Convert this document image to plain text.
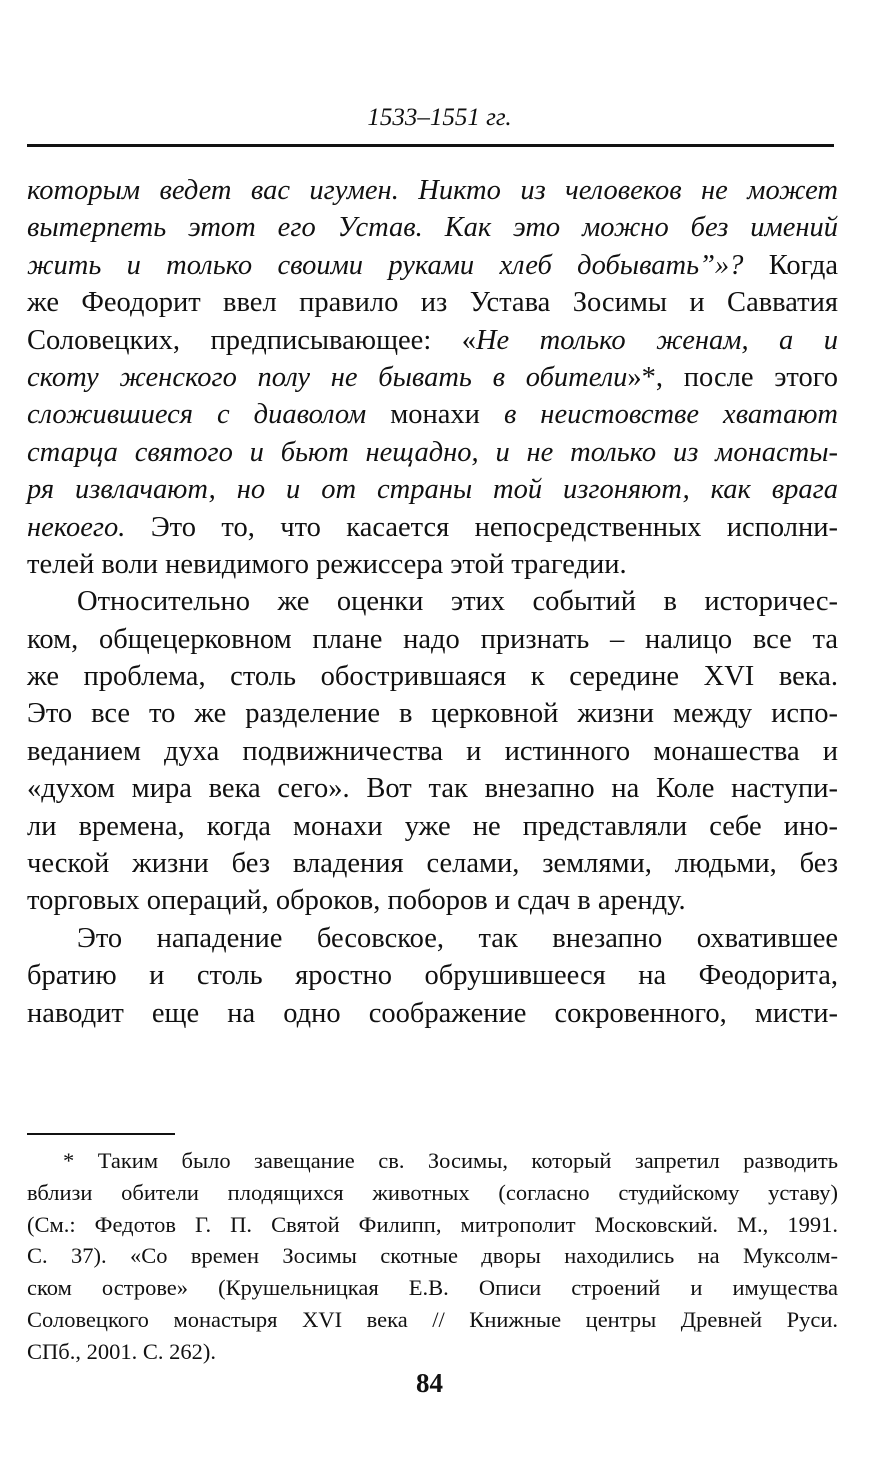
1533–1551 гг.
которым ведет вас игумен. Никто из человеков не может
вытерпеть этот его Устав. Как это можно без имений
жить и только своими руками хлеб добывать”»? Когда
же Феодорит ввел правило из Устава Зосимы и Савватия
Соловецких, предписывающее: «Не только женам, а и
скоту женского полу не бывать в обители»*, после этого
сложившиеся с диаволом монахи в неистовстве хватают
старца святого и бьют нещадно, и не только из монасты-
ря извлачают, но и от страны той изгоняют, как врага
некоего. Это то, что касается непосредственных исполни-
телей воли невидимого режиссера этой трагедии.
Относительно же оценки этих событий в историчес-
ком, общецерковном плане надо признать – налицо все та
же проблема, столь обострившаяся к середине XVI века.
Это все то же разделение в церковной жизни между испо-
веданием духа подвижничества и истинного монашества и
«духом мира века сего». Вот так внезапно на Коле наступи-
ли времена, когда монахи уже не представляли себе ино-
ческой жизни без владения селами, землями, людьми, без
торговых операций, оброков, поборов и сдач в аренду.
Это нападение бесовское, так внезапно охватившее
братию и столь яростно обрушившееся на Феодорита,
наводит еще на одно соображение сокровенного, мисти-
* Таким было завещание св. Зосимы, который запретил разводить
вблизи обители плодящихся животных (согласно студийскому уставу)
(См.: Федотов Г. П. Святой Филипп, митрополит Московский. М., 1991.
С. 37). «Со времен Зосимы скотные дворы находились на Муксолм-
ском острове» (Крушельницкая Е.В. Описи строений и имущества
Соловецкого монастыря XVI века // Книжные центры Древней Руси.
СПб., 2001. С. 262).
84
